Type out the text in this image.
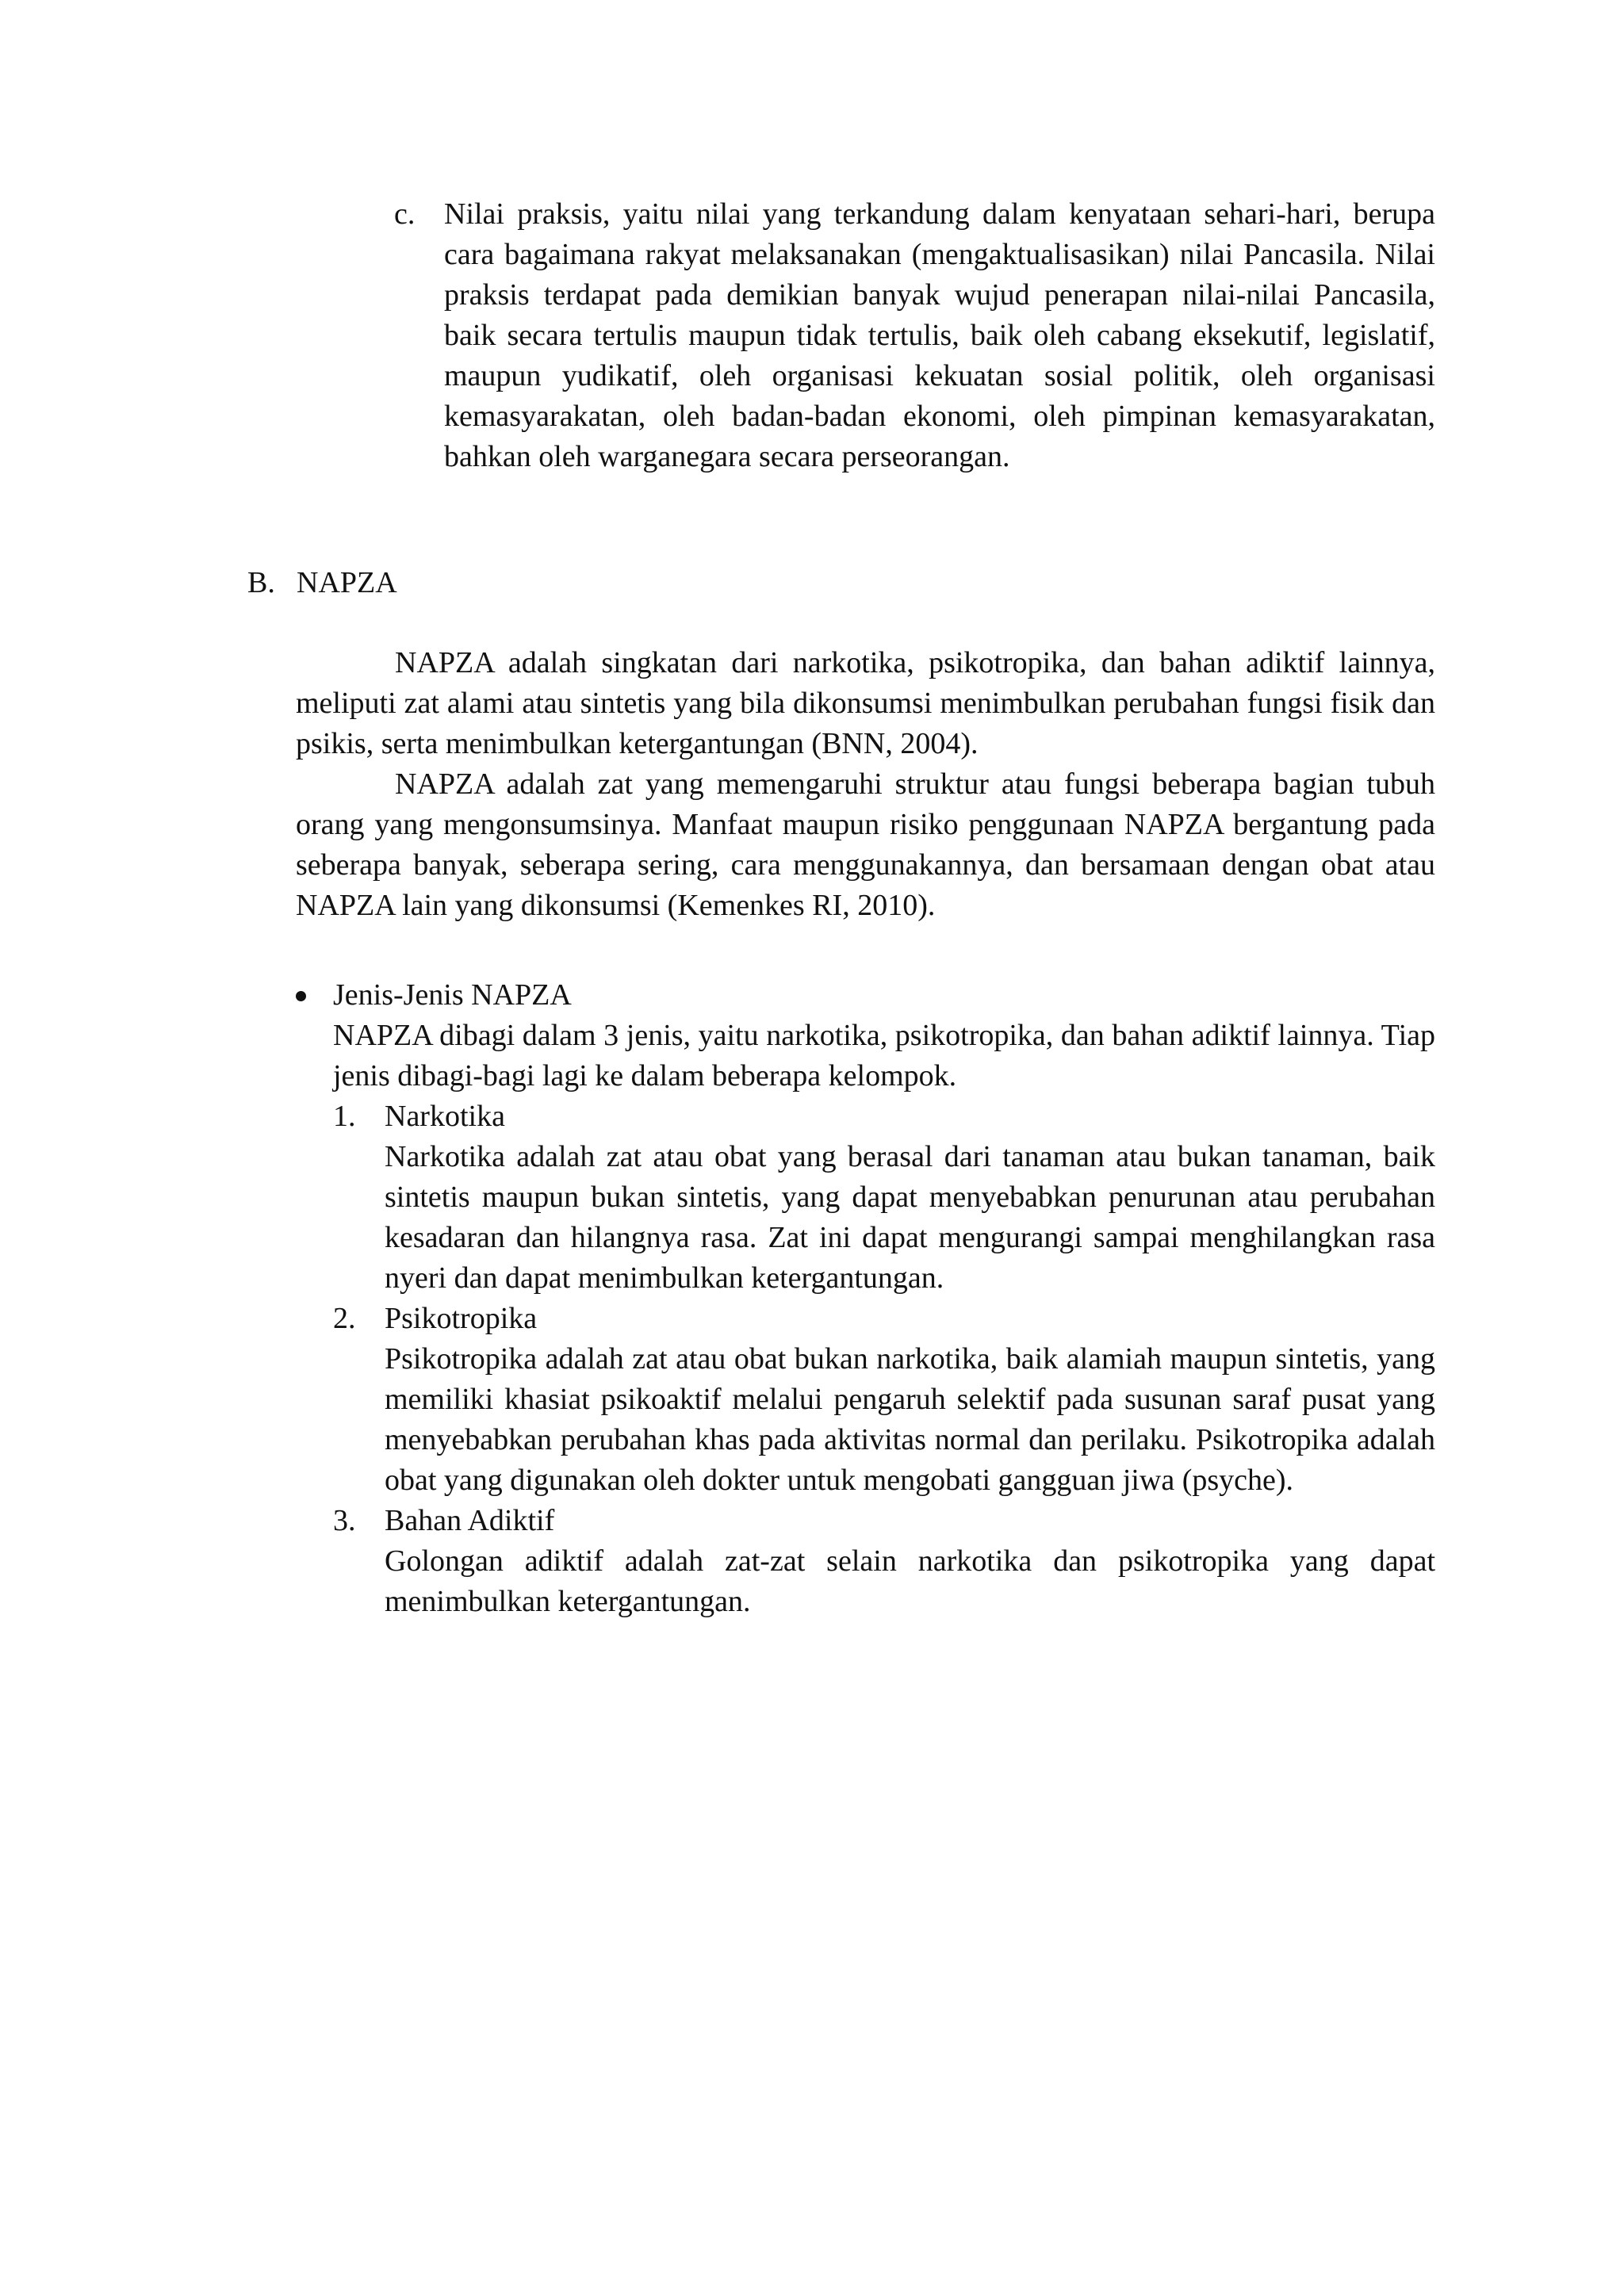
c. Nilai praksis, yaitu nilai yang terkandung dalam kenyataan sehari-hari, berupa cara bagaimana rakyat melaksanakan (mengaktualisasikan) nilai Pancasila. Nilai praksis terdapat pada demikian banyak wujud penerapan nilai-nilai Pancasila, baik secara tertulis maupun tidak tertulis, baik oleh cabang eksekutif, legislatif, maupun yudikatif, oleh organisasi kekuatan sosial politik, oleh organisasi kemasyarakatan, oleh badan-badan ekonomi, oleh pimpinan kemasyarakatan, bahkan oleh warganegara secara perseorangan.

B. NAPZA

NAPZA adalah singkatan dari narkotika, psikotropika, dan bahan adiktif lainnya, meliputi zat alami atau sintetis yang bila dikonsumsi menimbulkan perubahan fungsi fisik dan psikis, serta menimbulkan ketergantungan (BNN, 2004).

NAPZA adalah zat yang memengaruhi struktur atau fungsi beberapa bagian tubuh orang yang mengonsumsinya. Manfaat maupun risiko penggunaan NAPZA bergantung pada seberapa banyak, seberapa sering, cara menggunakannya, dan bersamaan dengan obat atau NAPZA lain yang dikonsumsi (Kemenkes RI, 2010).

Jenis-Jenis NAPZA

NAPZA dibagi dalam 3 jenis, yaitu narkotika, psikotropika, dan bahan adiktif lainnya. Tiap jenis dibagi-bagi lagi ke dalam beberapa kelompok.

1. Narkotika

Narkotika adalah zat atau obat yang berasal dari tanaman atau bukan tanaman, baik sintetis maupun bukan sintetis, yang dapat menyebabkan penurunan atau perubahan kesadaran dan hilangnya rasa. Zat ini dapat mengurangi sampai menghilangkan rasa nyeri dan dapat menimbulkan ketergantungan.

2. Psikotropika

Psikotropika adalah zat atau obat bukan narkotika, baik alamiah maupun sintetis, yang memiliki khasiat psikoaktif melalui pengaruh selektif pada susunan saraf pusat yang menyebabkan perubahan khas pada aktivitas normal dan perilaku. Psikotropika adalah obat yang digunakan oleh dokter untuk mengobati gangguan jiwa (psyche).

3. Bahan Adiktif

Golongan adiktif adalah zat-zat selain narkotika dan psikotropika yang dapat menimbulkan ketergantungan.
